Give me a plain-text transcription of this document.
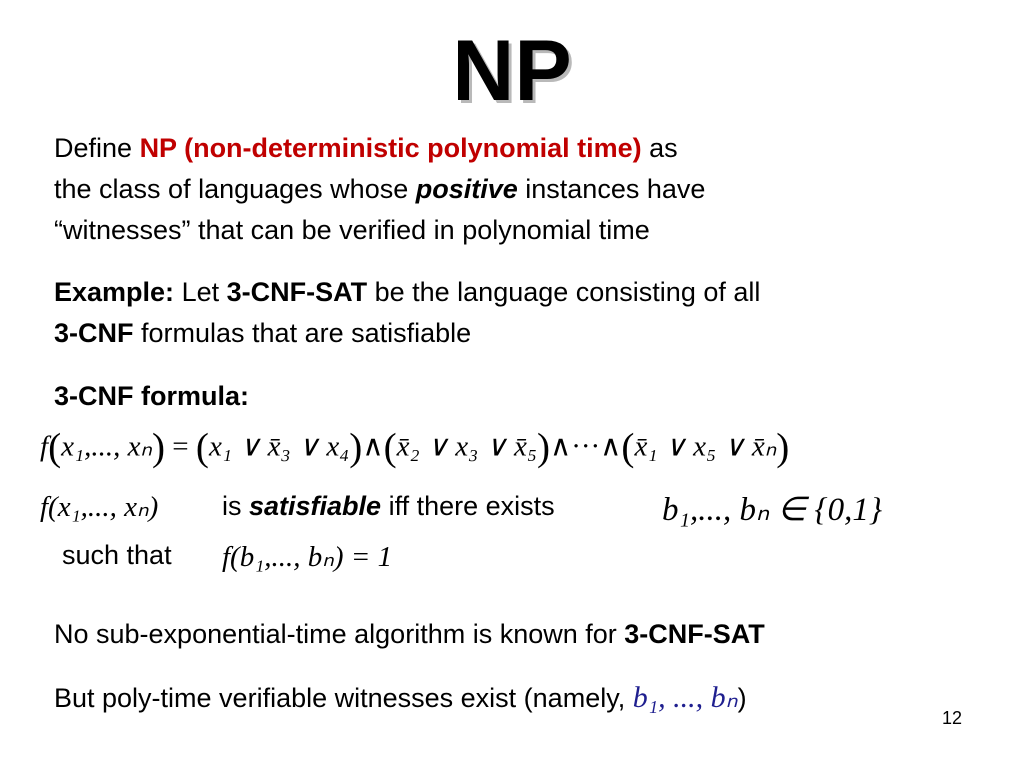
NP
Define NP (non-deterministic polynomial time) as
the class of languages whose positive instances have
“witnesses” that can be verified in polynomial time
Example: Let 3-CNF-SAT be the language consisting of all
3-CNF formulas that are satisfiable
3-CNF formula:
f(x₁,..., xₙ) = (x₁ ∨ x̄₃ ∨ x₄)∧(x̄₂ ∨ x₃ ∨ x̄₅)∧···∧(x̄₁ ∨ x₅ ∨ x̄ₙ)
f(x₁,..., xₙ) is satisfiable iff there exists	b₁,..., bₙ ∈ {0,1}
such that f(b₁,..., bₙ) = 1
No sub-exponential-time algorithm is known for 3-CNF-SAT
But poly-time verifiable witnesses exist (namely, b₁, ..., bₙ)
12
